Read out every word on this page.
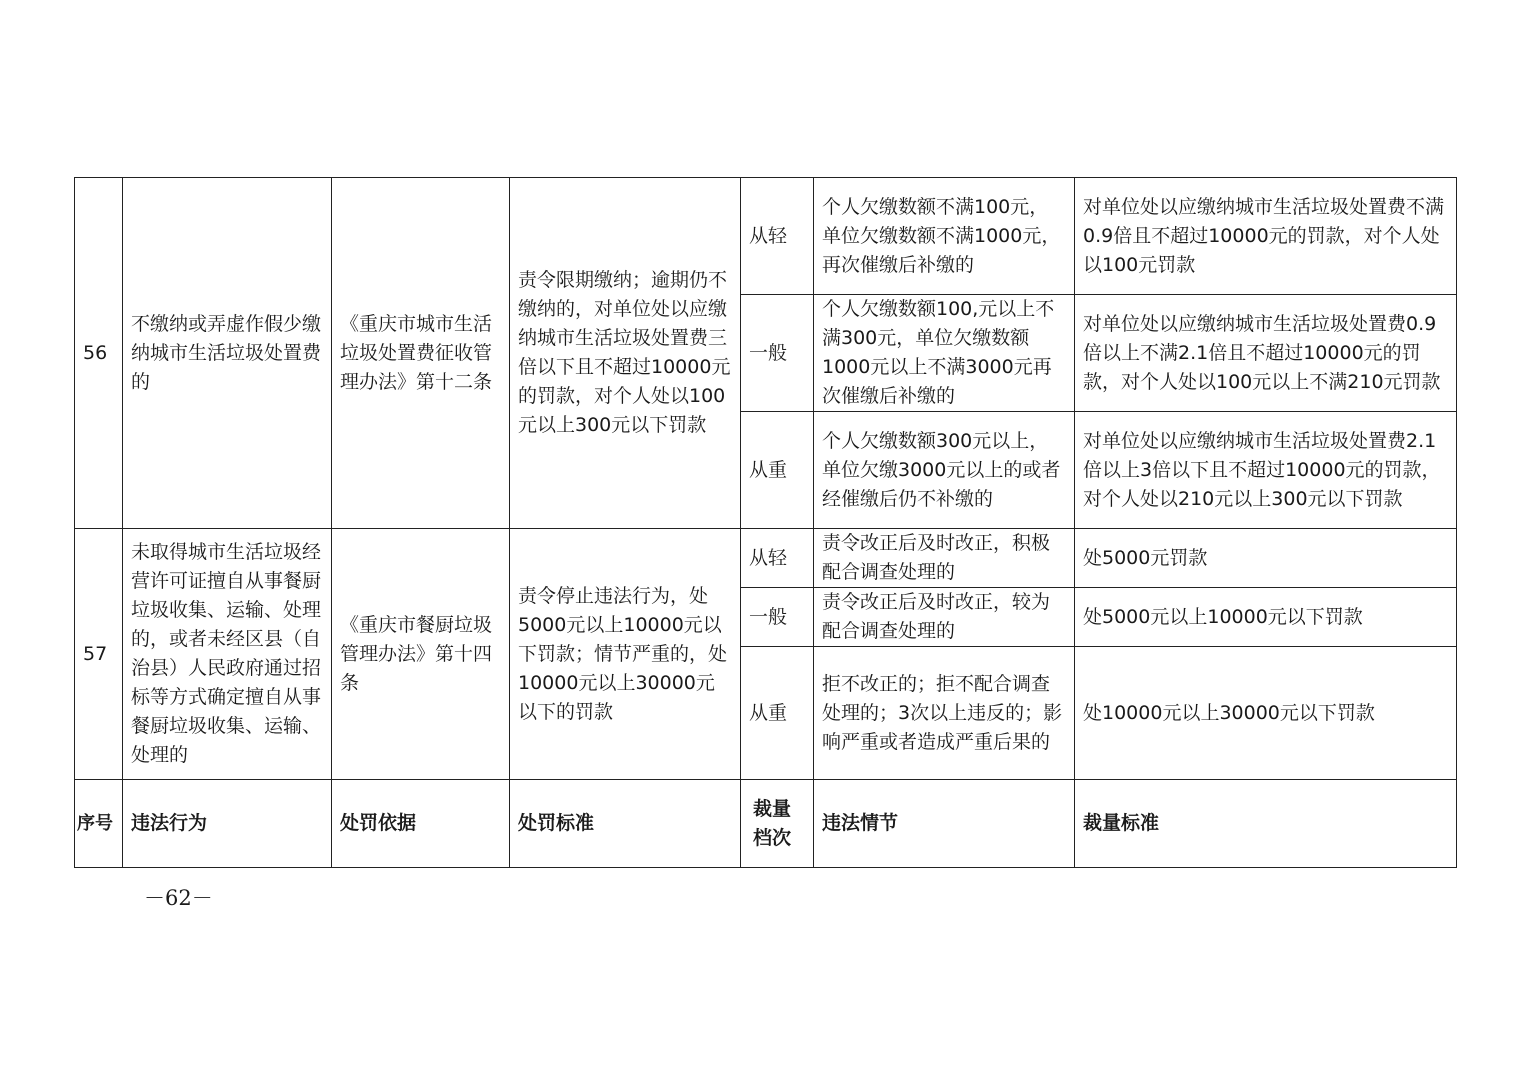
56	不缴纳或弄虚作假少缴纳城市生活垃圾处置费的	《重庆市城市生活垃圾处置费征收管理办法》第十二条	责令限期缴纳；逾期仍不缴纳的，对单位处以应缴纳城市生活垃圾处置费三倍以下且不超过10000元的罚款，对个人处以100元以上300元以下罚款	从轻	个人欠缴数额不满100元，单位欠缴数额不满1000元，再次催缴后补缴的	对单位处以应缴纳城市生活垃圾处置费不满0.9倍且不超过10000元的罚款，对个人处以100元罚款
				一般	个人欠缴数额100,元以上不满300元，单位欠缴数额1000元以上不满3000元再次催缴后补缴的	对单位处以应缴纳城市生活垃圾处置费0.9倍以上不满2.1倍且不超过10000元的罚款，对个人处以100元以上不满210元罚款
				从重	个人欠缴数额300元以上，单位欠缴3000元以上的或者经催缴后仍不补缴的	对单位处以应缴纳城市生活垃圾处置费2.1倍以上3倍以下且不超过10000元的罚款，对个人处以210元以上300元以下罚款
57	未取得城市生活垃圾经营许可证擅自从事餐厨垃圾收集、运输、处理的，或者未经区县（自治县）人民政府通过招标等方式确定擅自从事餐厨垃圾收集、运输、处理的	《重庆市餐厨垃圾管理办法》第十四条	责令停止违法行为，处5000元以上10000元以下罚款；情节严重的，处10000元以上30000元以下的罚款	从轻	责令改正后及时改正，积极配合调查处理的	处5000元罚款
				一般	责令改正后及时改正，较为配合调查处理的	处5000元以上10000元以下罚款
				从重	拒不改正的；拒不配合调查处理的；3次以上违反的；影响严重或者造成严重后果的	处10000元以上30000元以下罚款
序号	违法行为	处罚依据	处罚标准	裁量档次	违法情节	裁量标准
－62－
